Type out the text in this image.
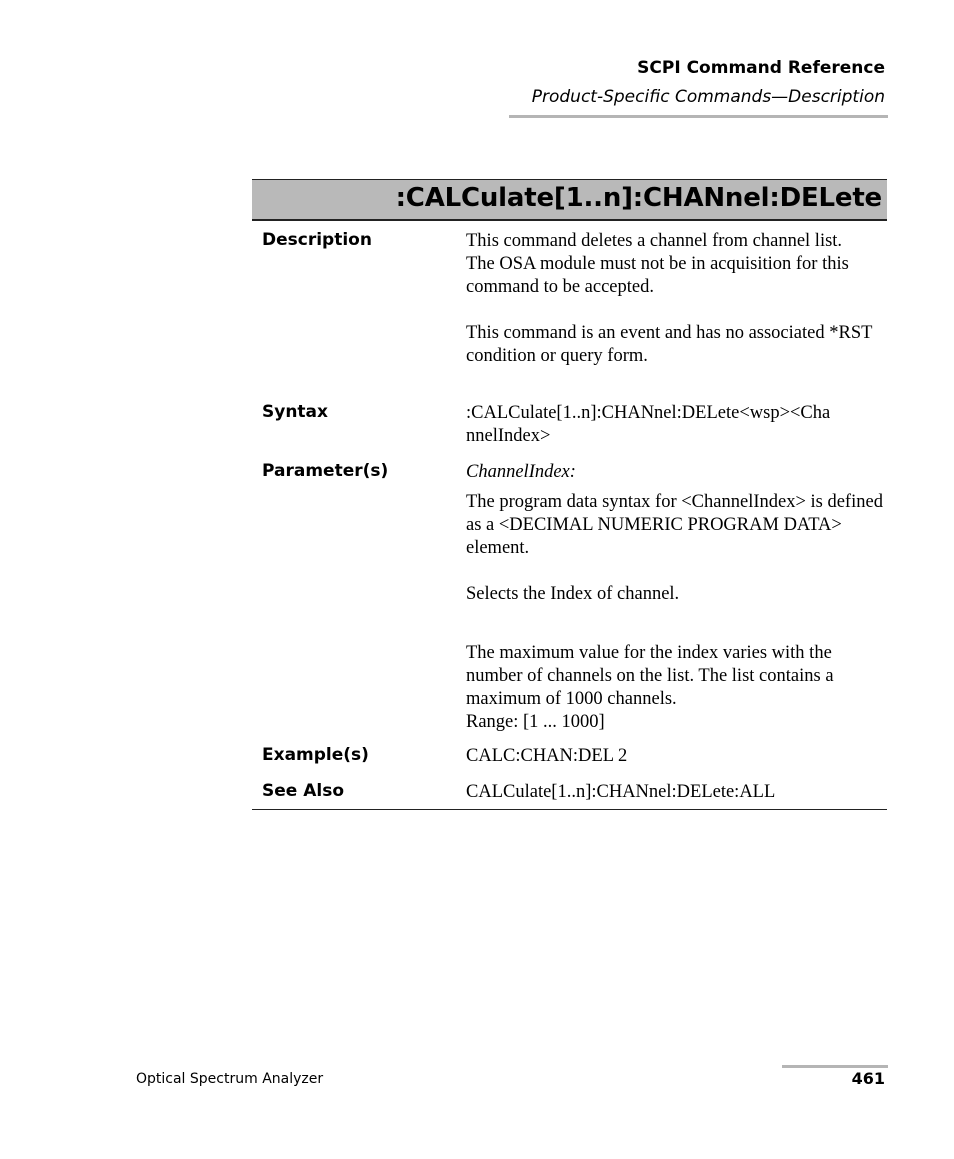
SCPI Command Reference
Product-Specific Commands—Description
:CALCulate[1..n]:CHANnel:DELete
Description	This command deletes a channel from channel list.

The OSA module must not be in acquisition for this command to be accepted.

This command is an event and has no associated *RST condition or query form.

Syntax	:CALCulate[1..n]:CHANnel:DELete<wsp><Cha nnelIndex>
Parameter(s)	ChannelIndex:

The program data syntax for <ChannelIndex> is defined as a <DECIMAL NUMERIC PROGRAM DATA> element.

Selects the Index of channel.

The maximum value for the index varies with the number of channels on the list. The list contains a maximum of 1000 channels.

Range: [1 ... 1000]

Example(s)	CALC:CHAN:DEL 2
See Also	CALCulate[1..n]:CHANnel:DELete:ALL
Optical Spectrum Analyzer	461
